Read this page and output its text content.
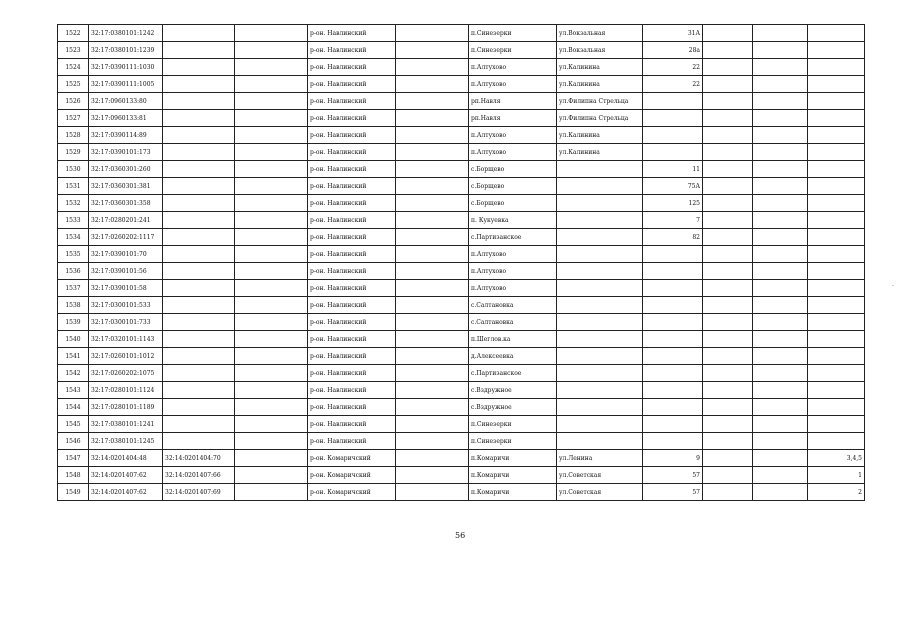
1522	32:17:0380101:1242			р-он. Навлинский		п.Синезерки	ул.Вокзальная	31А			
1523	32:17:0380101:1239			р-он. Навлинский		п.Синезерки	ул.Вокзальная	28а			
1524	32:17:0390111:1030			р-он. Навлинский		п.Алтухово	ул.Калинина	22			
1525	32:17:0390111:1005			р-он. Навлинский		п.Алтухово	ул.Калинина	22			
1526	32:17:0960133:80			р-он. Навлинский		рп.Навля	ул.Филипна Стрельца				
1527	32:17:0960133:81			р-он. Навлинский		рп.Навля	ул.Филипна Стрельца				
1528	32:17:0390114:89			р-он. Навлинский		п.Алтухово	ул.Калинина				
1529	32:17:0390101:173			р-он. Навлинский		п.Алтухово	ул.Калинина				
1530	32:17:0360301:260			р-он. Навлинский		с.Борщево		11			
1531	32:17:0360301:381			р-он. Навлинский		с.Борщево		75А			
1532	32:17:0360301:358			р-он. Навлинский		с.Борщево		125			
1533	32:17:0280201:241			р-он. Навлинский		п. Кукуевка		7			
1534	32:17:0260202:1117			р-он. Навлинский		с.Партизанское		82			
1535	32:17:0390101:70			р-он. Навлинский		п.Алтухово					
1536	32:17:0390101:56			р-он. Навлинский		п.Алтухово					
1537	32:17:0390101:58			р-он. Навлинский		п.Алтухово					
1538	32:17:0300101:533			р-он. Навлинский		с.Салтановка					
1539	32:17:0300101:733			р-он. Навлинский		с.Салтановка					
1540	32:17:0320101:1143			р-он. Навлинский		п.Шеглов.ка					
1541	32:17:0260101:1012			р-он. Навлинский		д.Алексеевка					
1542	32:17:0260202:1075			р-он. Навлинский		с.Партизанское					
1543	32:17:0280101:1124			р-он. Навлинский		с.Вздружное					
1544	32:17:0280101:1189			р-он. Навлинский		с.Вздружное					
1545	32:17:0380101:1241			р-он. Навлинский		п.Синезерки					
1546	32:17:0380101:1245			р-он. Навлинский		п.Синезерки					
1547	32:14:0201404:48	32:14:0201404:70		р-он. Комаричский		п.Комаричи	ул.Ленина	9			3,4,5
1548	32:14:0201407:62	32:14:0201407:66		р-он. Комаричский		п.Комаричи	ул.Советская	57			1
1549	32:14:0201407:62	32:14:0201407:69		р-он. Комаричский		п.Комаричи	ул.Советская	57			2
56
·
